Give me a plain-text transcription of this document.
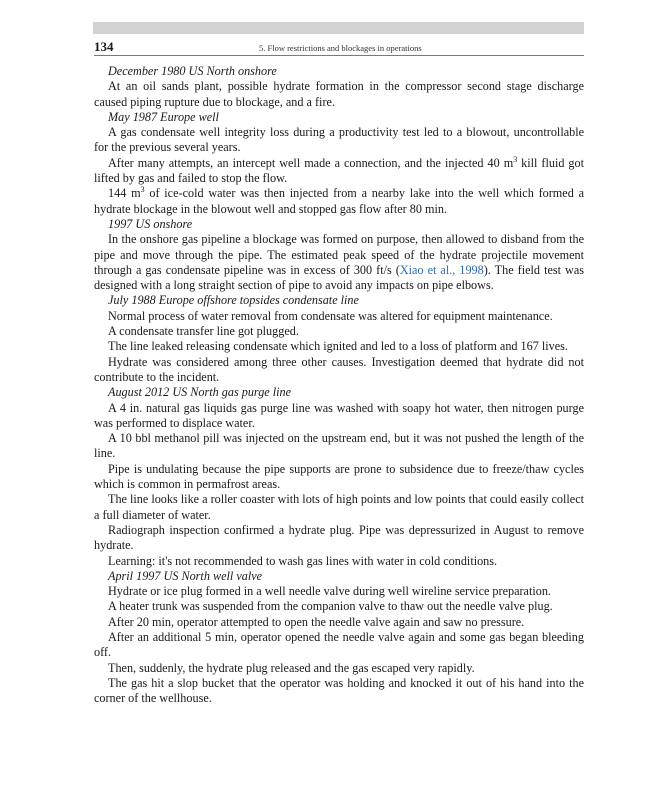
134	5. Flow restrictions and blockages in operations

December 1980 US North onshore

At an oil sands plant, possible hydrate formation in the compressor second stage discharge caused piping rupture due to blockage, and a fire.

May 1987 Europe well

A gas condensate well integrity loss during a productivity test led to a blowout, uncontrollable for the previous several years.

After many attempts, an intercept well made a connection, and the injected 40 $m^3$ kill fluid got lifted by gas and failed to stop the flow.

144 $m^3$ of ice-cold water was then injected from a nearby lake into the well which formed a hydrate blockage in the blowout well and stopped gas flow after 80 min.

1997 US onshore

In the onshore gas pipeline a blockage was formed on purpose, then allowed to disband from the pipe and move through the pipe. The estimated peak speed of the hydrate projectile movement through a gas condensate pipeline was in excess of 300 ft/s (Xiao et al., 1998). The field test was designed with a long straight section of pipe to avoid any impacts on pipe elbows.

July 1988 Europe offshore topsides condensate line

Normal process of water removal from condensate was altered for equipment maintenance.

A condensate transfer line got plugged.

The line leaked releasing condensate which ignited and led to a loss of platform and 167 lives.

Hydrate was considered among three other causes. Investigation deemed that hydrate did not contribute to the incident.

August 2012 US North gas purge line

A 4 in. natural gas liquids gas purge line was washed with soapy hot water, then nitrogen purge was performed to displace water.

A 10 bbl methanol pill was injected on the upstream end, but it was not pushed the length of the line.

Pipe is undulating because the pipe supports are prone to subsidence due to freeze/thaw cycles which is common in permafrost areas.

The line looks like a roller coaster with lots of high points and low points that could easily collect a full diameter of water.

Radiograph inspection confirmed a hydrate plug. Pipe was depressurized in August to remove hydrate.

Learning: it's not recommended to wash gas lines with water in cold conditions.

April 1997 US North well valve

Hydrate or ice plug formed in a well needle valve during well wireline service preparation.

A heater trunk was suspended from the companion valve to thaw out the needle valve plug.

After 20 min, operator attempted to open the needle valve again and saw no pressure.

After an additional 5 min, operator opened the needle valve again and some gas began bleeding off.

Then, suddenly, the hydrate plug released and the gas escaped very rapidly.

The gas hit a slop bucket that the operator was holding and knocked it out of his hand into the corner of the wellhouse.
